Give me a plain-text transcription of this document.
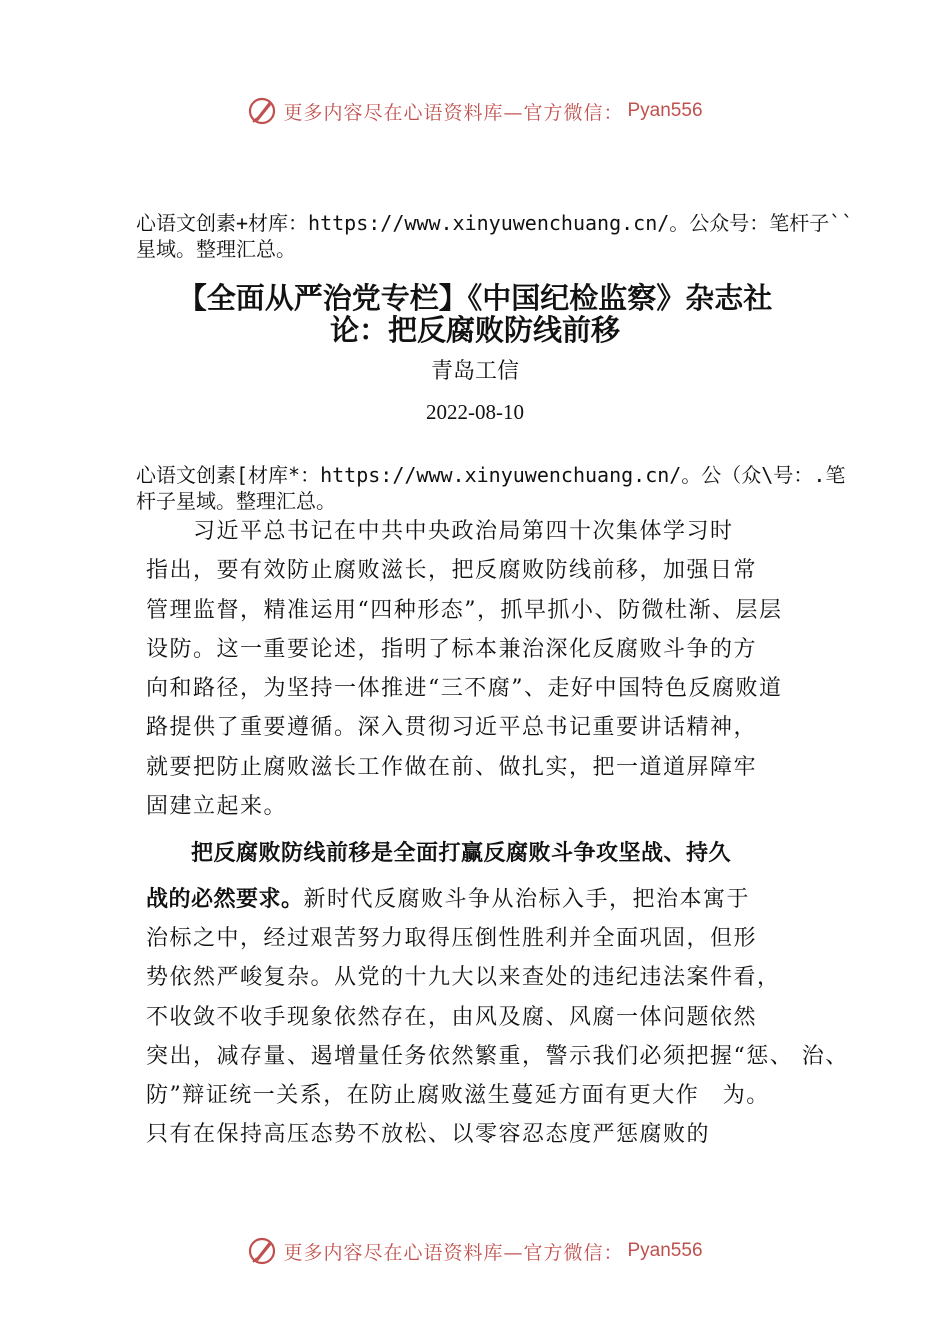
更多内容尽在心语资料库—官方微信： Pyan556
心语文创素+材库：https://www.xinyuwenchuang.cn/。公众号：笔杆子``星域。整理汇总。
【全面从严治党专栏】《中国纪检监察》杂志社论：把反腐败防线前移
青岛工信
2022-08-10
心语文创素[材库*：https://www.xinyuwenchuang.cn/。公（众\号：.笔杆子星域。整理汇总。
　　习近平总书记在中共中央政治局第四十次集体学习时
指出，要有效防止腐败滋长，把反腐败防线前移，加强日常
管理监督，精准运用“四种形态”，抓早抓小、防微杜渐、层层
设防。这一重要论述，指明了标本兼治深化反腐败斗争的方
向和路径，为坚持一体推进“三不腐”、走好中国特色反腐败道
路提供了重要遵循。深入贯彻习近平总书记重要讲话精神，
就要把防止腐败滋长工作做在前、做扎实，把一道道屏障牢
固建立起来。
　　把反腐败防线前移是全面打赢反腐败斗争攻坚战、持久
战的必然要求。新时代反腐败斗争从治标入手，把治本寓于
治标之中，经过艰苦努力取得压倒性胜利并全面巩固，但形
势依然严峻复杂。从党的十九大以来查处的违纪违法案件看，
不收敛不收手现象依然存在，由风及腐、风腐一体问题依然
突出，减存量、遏增量任务依然繁重，警示我们必须把握“惩、 治、
防”辩证统一关系，在防止腐败滋生蔓延方面有更大作　为。
只有在保持高压态势不放松、以零容忍态度严惩腐败的
更多内容尽在心语资料库—官方微信： Pyan556
